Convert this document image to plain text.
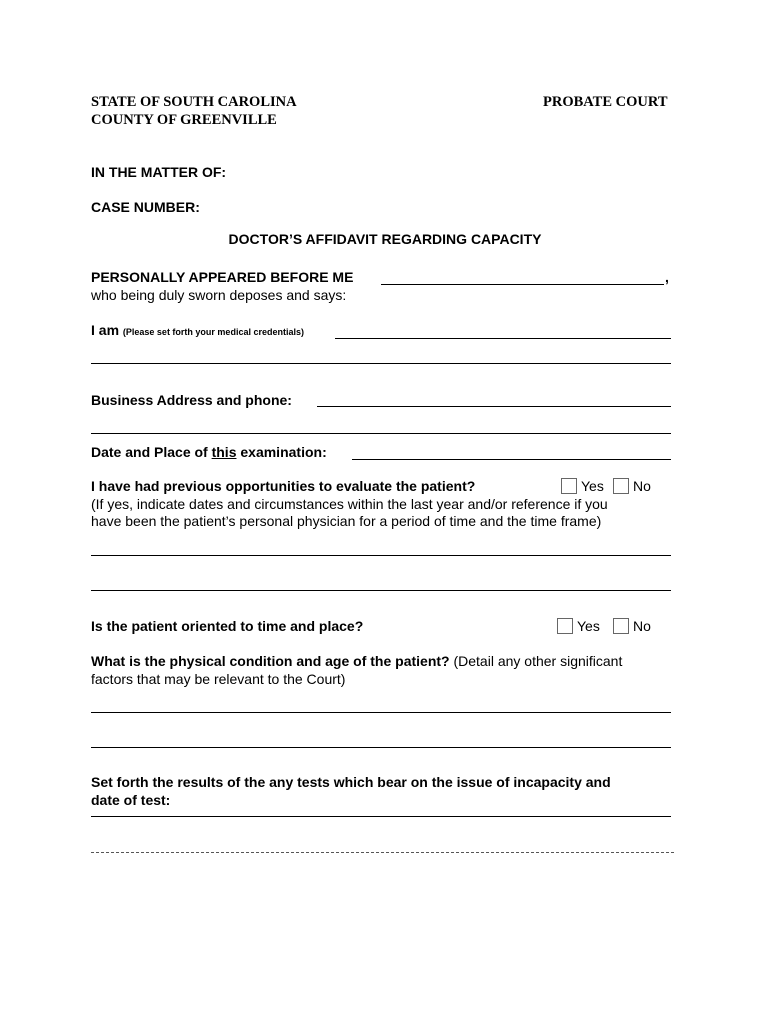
STATE OF SOUTH CAROLINA
COUNTY OF GREENVILLE
PROBATE COURT
IN THE MATTER OF:
CASE NUMBER:
DOCTOR’S AFFIDAVIT REGARDING CAPACITY
PERSONALLY APPEARED BEFORE ME	,
who being duly sworn deposes and says:
I am (Please set forth your medical credentials)
Business Address and phone:
Date and Place of this examination:
I have had previous opportunities to evaluate the patient?	Yes	No
(If yes, indicate dates and circumstances within the last year and/or reference if you
have been the patient’s personal physician for a period of time and the time frame)
Is the patient oriented to time and place?	Yes	No
What is the physical condition and age of the patient? (Detail any other significant
factors that may be relevant to the Court)
Set forth the results of the any tests which bear on the issue of incapacity and
date of test:
